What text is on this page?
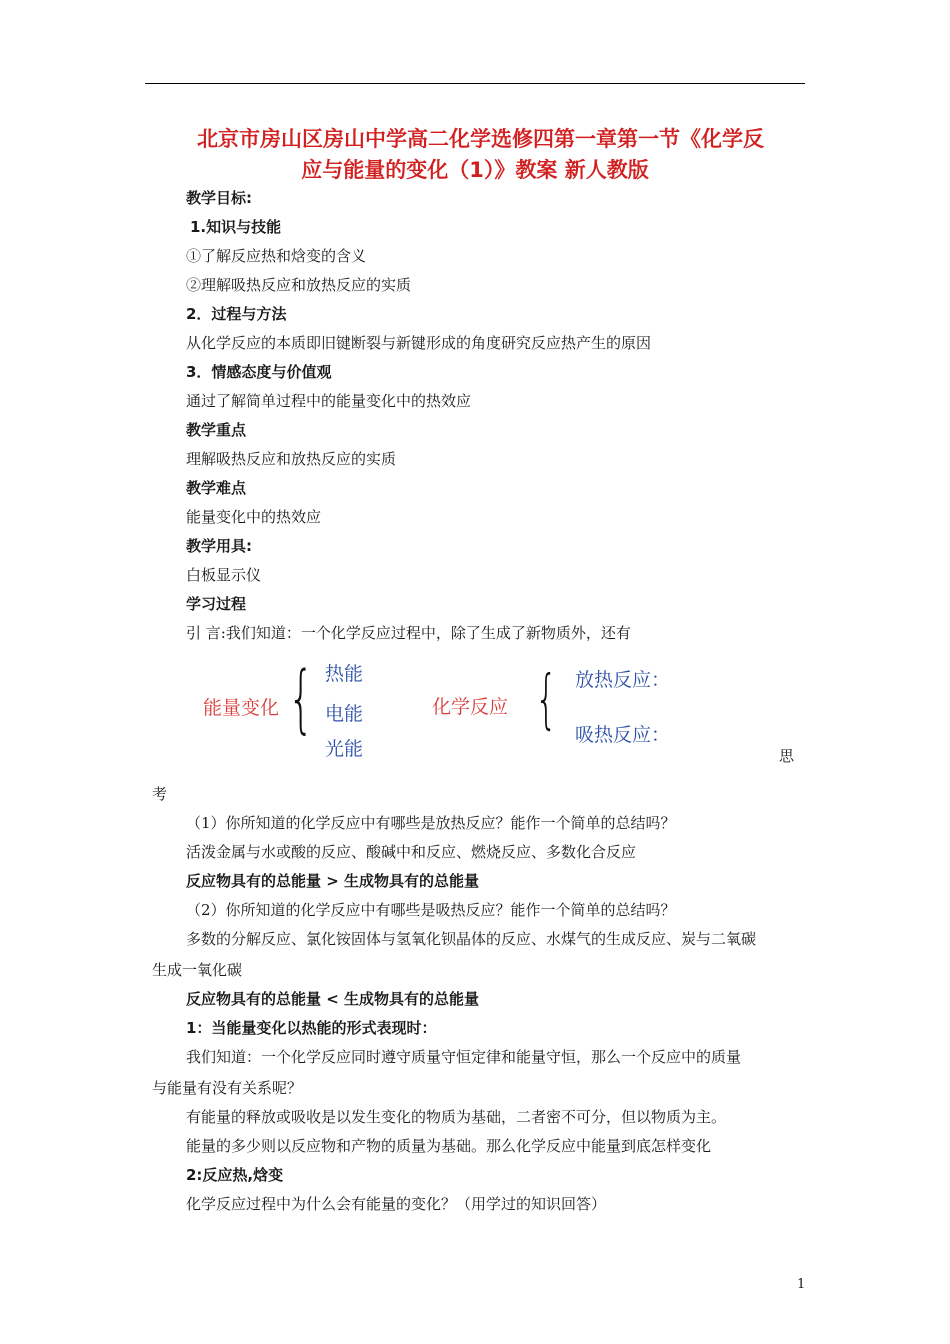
北京市房山区房山中学高二化学选修四第一章第一节《化学反
应与能量的变化（1）》教案 新人教版
教学目标:
1.知识与技能
①了解反应热和焓变的含义
②理解吸热反应和放热反应的实质
2．过程与方法
从化学反应的本质即旧键断裂与新键形成的角度研究反应热产生的原因
3．情感态度与价值观
通过了解简单过程中的能量变化中的热效应
教学重点
理解吸热反应和放热反应的实质
教学难点
能量变化中的热效应
教学用具:
白板显示仪
学习过程
引 言:我们知道：一个化学反应过程中，除了生成了新物质外，还有
能量变化 { 热能
电能
光能
化学反应 { 放热反应：
吸热反应：
思
考
（1）你所知道的化学反应中有哪些是放热反应？能作一个简单的总结吗？
活泼金属与水或酸的反应、酸碱中和反应、燃烧反应、多数化合反应
反应物具有的总能量 > 生成物具有的总能量
（2）你所知道的化学反应中有哪些是吸热反应？能作一个简单的总结吗？
多数的分解反应、氯化铵固体与氢氧化钡晶体的反应、水煤气的生成反应、炭与二氧碳
生成一氧化碳
反应物具有的总能量 < 生成物具有的总能量
1：当能量变化以热能的形式表现时：
我们知道：一个化学反应同时遵守质量守恒定律和能量守恒，那么一个反应中的质量
与能量有没有关系呢？
有能量的释放或吸收是以发生变化的物质为基础，二者密不可分，但以物质为主。
能量的多少则以反应物和产物的质量为基础。那么化学反应中能量到底怎样变化
2:反应热,焓变
化学反应过程中为什么会有能量的变化？（用学过的知识回答）
1
